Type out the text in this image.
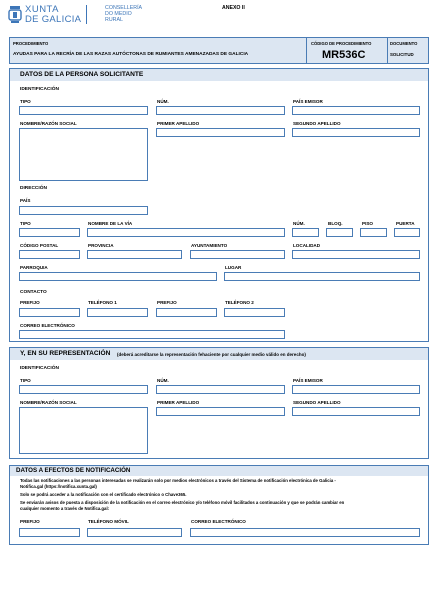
XUNTA
DE GALICIA
CONSELLERÍA
DO MEDIO
RURAL
ANEXO II
PROCEDIMIENTO
AYUDAS PARA LA RECRÍA DE LAS RAZAS AUTÓCTONAS DE RUMIANTES AMENAZADAS DE GALICIA
CÓDIGO DE PROCEDIMIENTO
MR536C
DOCUMENTO
SOLICITUD
DATOS DE LA PERSONA SOLICITANTE
IDENTIFICACIÓN
TIPO	NÚM.	PAÍS EMISOR
NOMBRE/RAZÓN SOCIAL	PRIMER APELLIDO	SEGUNDO APELLIDO
DIRECCIÓN
PAÍS
TIPO	NOMBRE DE LA VÍA	NÚM.	BLOQ.	PISO	PUERTA
CÓDIGO POSTAL	PROVINCIA	AYUNTAMIENTO	LOCALIDAD
PARROQUIA	LUGAR
CONTACTO
PREFIJO	TELÉFONO 1	PREFIJO	TELÉFONO 2
CORREO ELECTRÓNICO
Y, EN SU REPRESENTACIÓN (deberá acreditarse la representación fehaciente por cualquier medio válido en derecho)
IDENTIFICACIÓN
TIPO	NÚM.	PAÍS EMISOR
NOMBRE/RAZÓN SOCIAL	PRIMER APELLIDO	SEGUNDO APELLIDO
DATOS A EFECTOS DE NOTIFICACIÓN
Todas las notificaciones a las personas interesadas se realizarán solo por medios electrónicos a través del Sistema de notificación electrónica de Galicia -
Notifica.gal (https://notifica.xunta.gal)
Solo se podrá acceder a la notificación con el certificado electrónico o Chave365.
Se enviarán avisos de puesta a disposición de la notificación en el correo electrónico y/o teléfono móvil facilitados a continuación y que se podrán cambiar en
cualquier momento a través de Notifica.gal:
PREFIJO	TELÉFONO MÓVIL	CORREO ELECTRÓNICO
